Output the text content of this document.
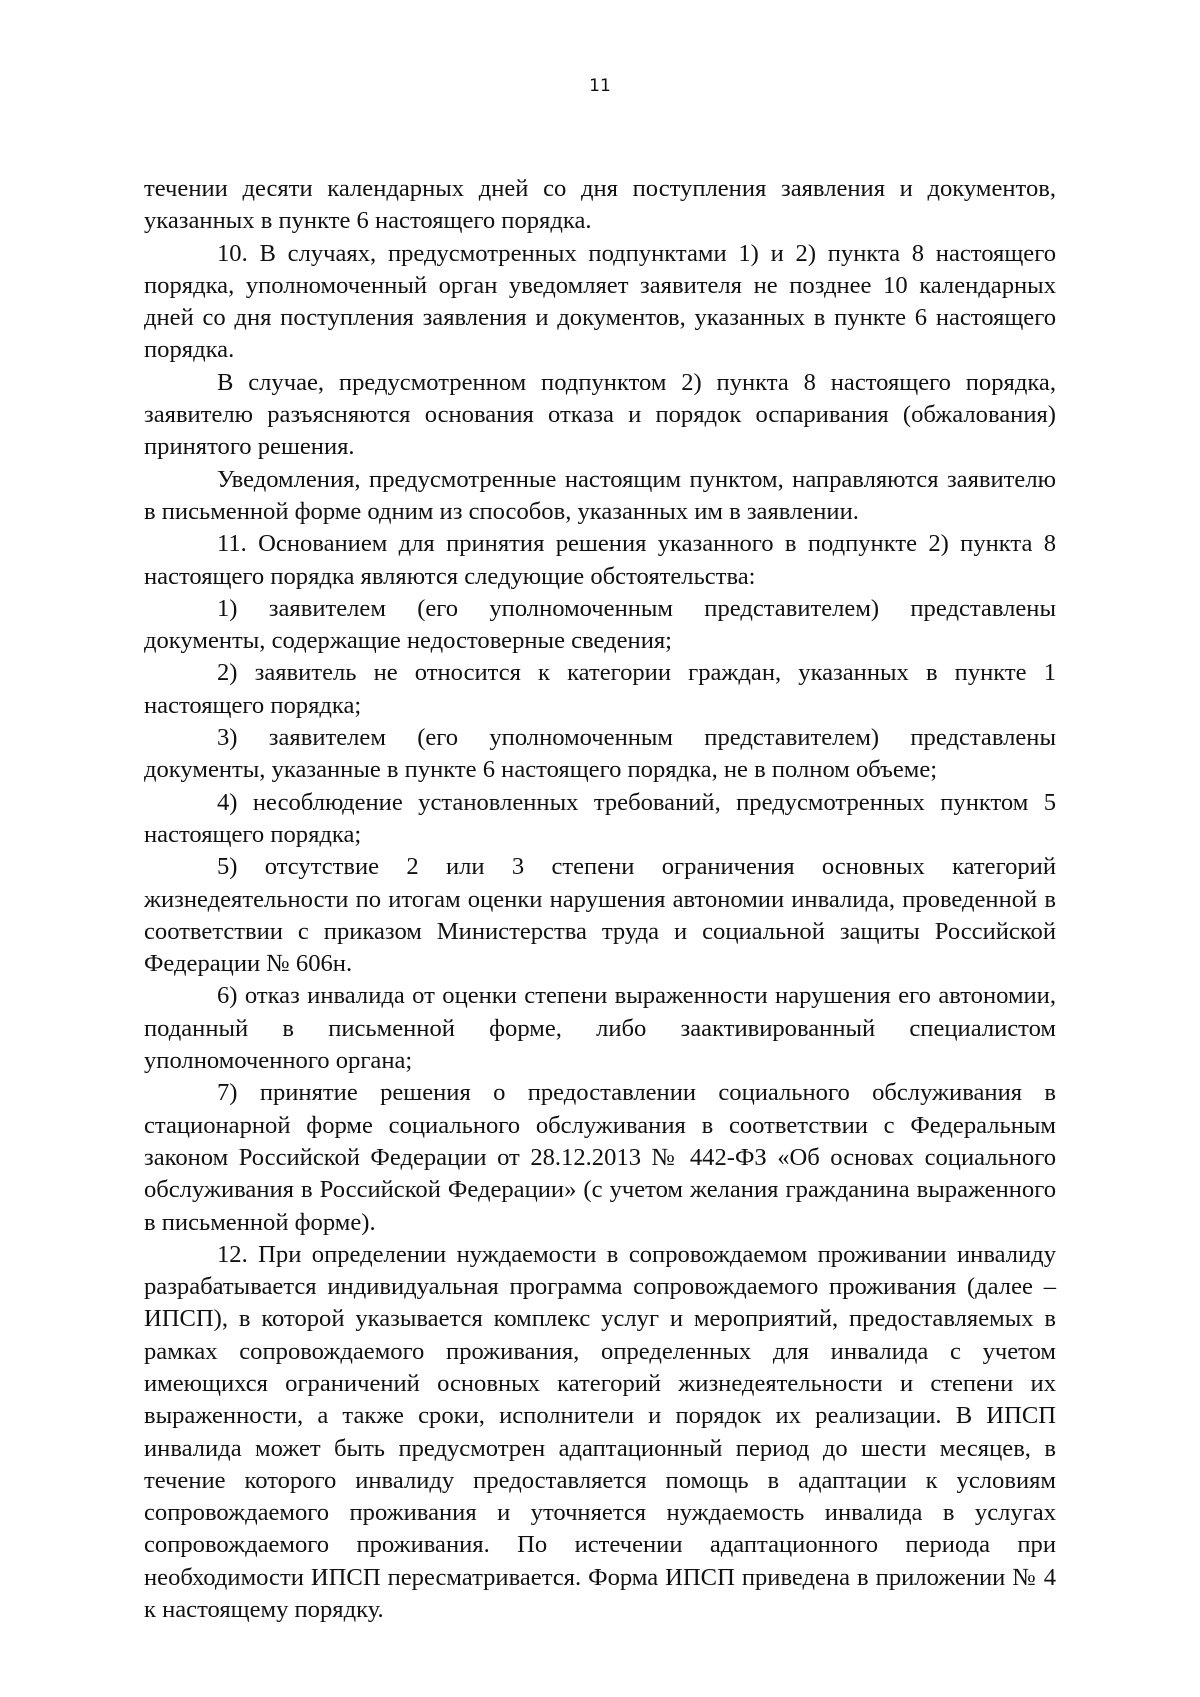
11

течении десяти календарных дней со дня поступления заявления и документов, указанных в пункте 6 настоящего порядка.

10. В случаях, предусмотренных подпунктами 1) и 2) пункта 8 настоящего порядка, уполномоченный орган уведомляет заявителя не позднее 10 календарных дней со дня поступления заявления и документов, указанных в пункте 6 настоящего порядка.

В случае, предусмотренном подпунктом 2) пункта 8 настоящего порядка, заявителю разъясняются основания отказа и порядок оспаривания (обжалования) принятого решения.

Уведомления, предусмотренные настоящим пунктом, направляются заявителю в письменной форме одним из способов, указанных им в заявлении.

11. Основанием для принятия решения указанного в подпункте 2) пункта 8 настоящего порядка являются следующие обстоятельства:

1) заявителем (его уполномоченным представителем) представлены документы, содержащие недостоверные сведения;

2) заявитель не относится к категории граждан, указанных в пункте 1 настоящего порядка;

3) заявителем (его уполномоченным представителем) представлены документы, указанные в пункте 6 настоящего порядка, не в полном объеме;

4) несоблюдение установленных требований, предусмотренных пунктом 5 настоящего порядка;

5) отсутствие 2 или 3 степени ограничения основных категорий жизнедеятельности по итогам оценки нарушения автономии инвалида, проведенной в соответствии с приказом Министерства труда и социальной защиты Российской Федерации № 606н.

6) отказ инвалида от оценки степени выраженности нарушения его автономии, поданный в письменной форме, либо заактивированный специалистом уполномоченного органа;

7) принятие решения о предоставлении социального обслуживания в стационарной форме социального обслуживания в соответствии с Федеральным законом Российской Федерации от 28.12.2013 № 442-ФЗ «Об основах социального обслуживания в Российской Федерации» (с учетом желания гражданина выраженного в письменной форме).

12. При определении нуждаемости в сопровождаемом проживании инвалиду разрабатывается индивидуальная программа сопровождаемого проживания (далее – ИПСП), в которой указывается комплекс услуг и мероприятий, предоставляемых в рамках сопровождаемого проживания, определенных для инвалида с учетом имеющихся ограничений основных категорий жизнедеятельности и степени их выраженности, а также сроки, исполнители и порядок их реализации. В ИПСП инвалида может быть предусмотрен адаптационный период до шести месяцев, в течение которого инвалиду предоставляется помощь в адаптации к условиям сопровождаемого проживания и уточняется нуждаемость инвалида в услугах сопровождаемого проживания. По истечении адаптационного периода при необходимости ИПСП пересматривается. Форма ИПСП приведена в приложении № 4 к настоящему порядку.
